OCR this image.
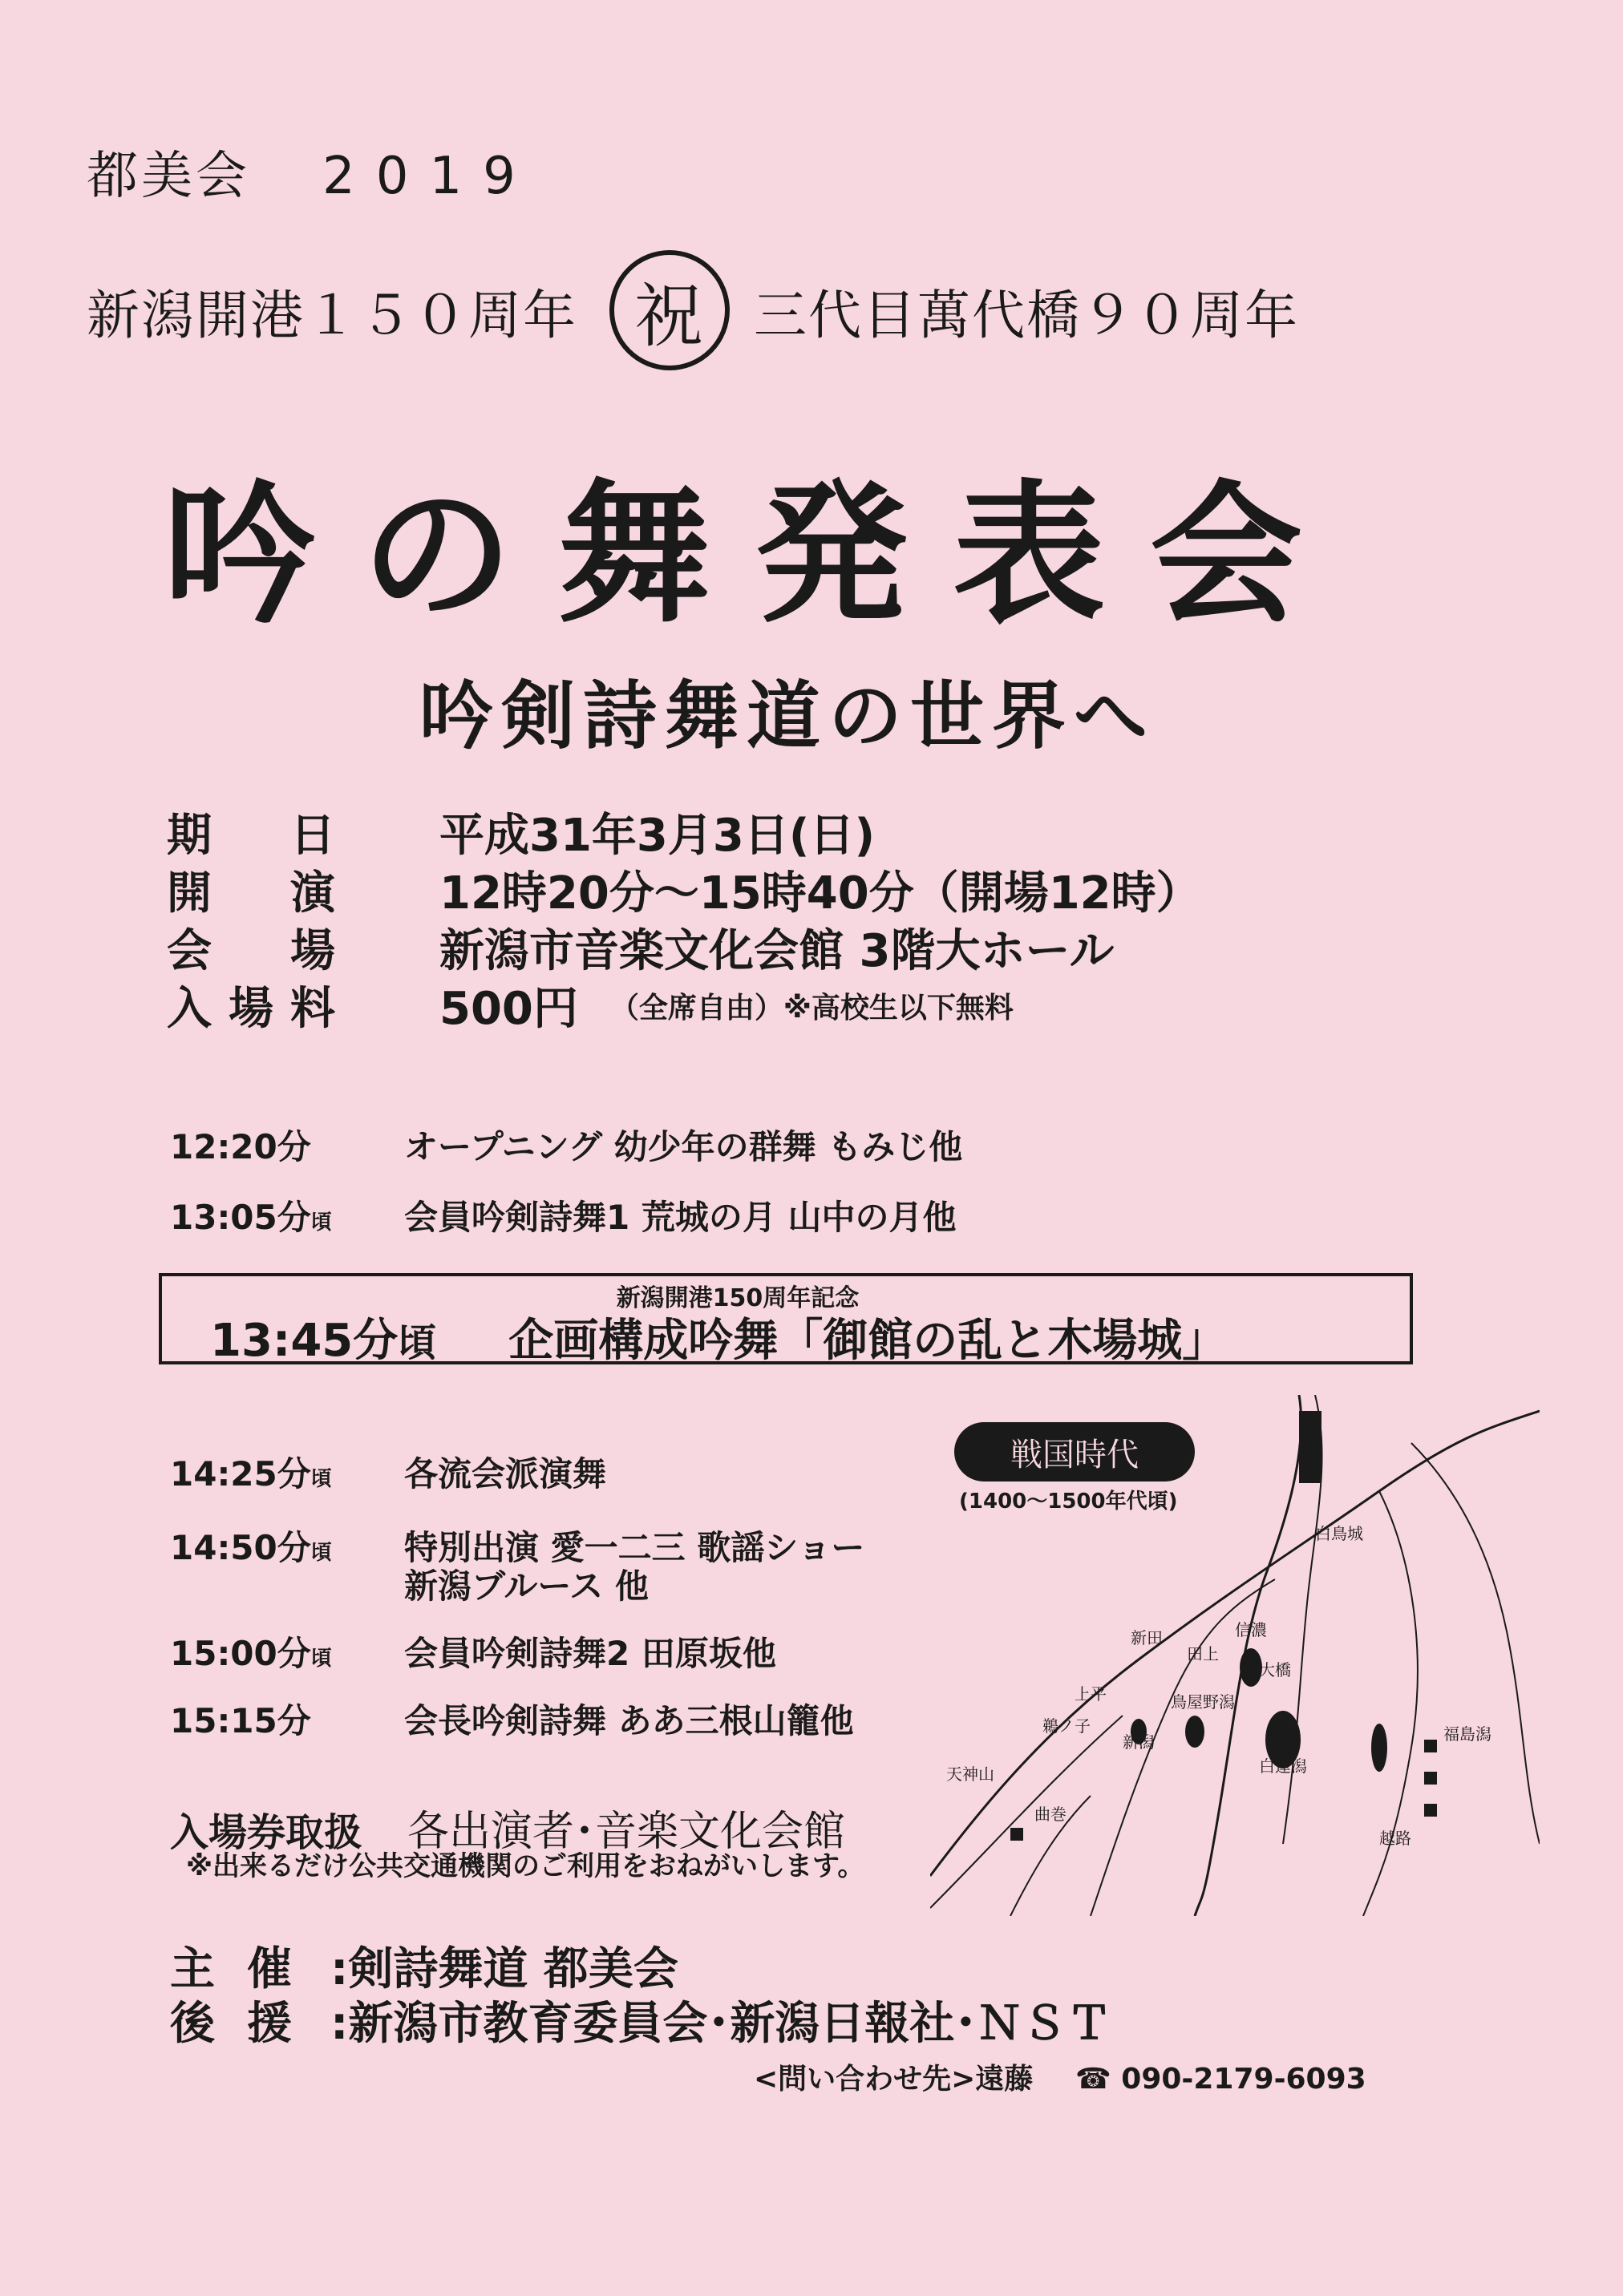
都美会 2019
新潟開港１５０周年 祝 三代目萬代橋９０周年
吟の舞発表会
吟剣詩舞道の世界へ
期 日 平成31年3月3日(日)
開 演 12時20分～15時40分（開場12時）
会 場 新潟市音楽文化会館 3階大ホール
入 場 料 500円 （全席自由）※高校生以下無料
12:20分	オープニング 幼少年の群舞 もみじ他
13:05分頃 会員吟剣詩舞1 荒城の月 山中の月他
新潟開港150周年記念
13:45分頃 企画構成吟舞「御館の乱と木場城」
14:25分頃 各流会派演舞
14:50分頃 特別出演 愛一二三 歌謡ショー
新潟ブルース 他
15:00分頃 会員吟剣詩舞2 田原坂他
15:15分	会長吟剣詩舞 ああ三根山籠他
白鳥城
鳥屋野潟
新潟
白蓮潟
福島潟
鵜ノ子
田上
大橋
信濃
天神山
曲巻
新田
越路
上平
戦国時代
(1400～1500年代頃)
入場券取扱 各出演者･音楽文化会館
※出来るだけ公共交通機関のご利用をおねがいします。
主催 :剣詩舞道 都美会
後援 :新潟市教育委員会･新潟日報社･ＮＳＴ
<問い合わせ先>遠藤 ☎ 090-2179-6093
